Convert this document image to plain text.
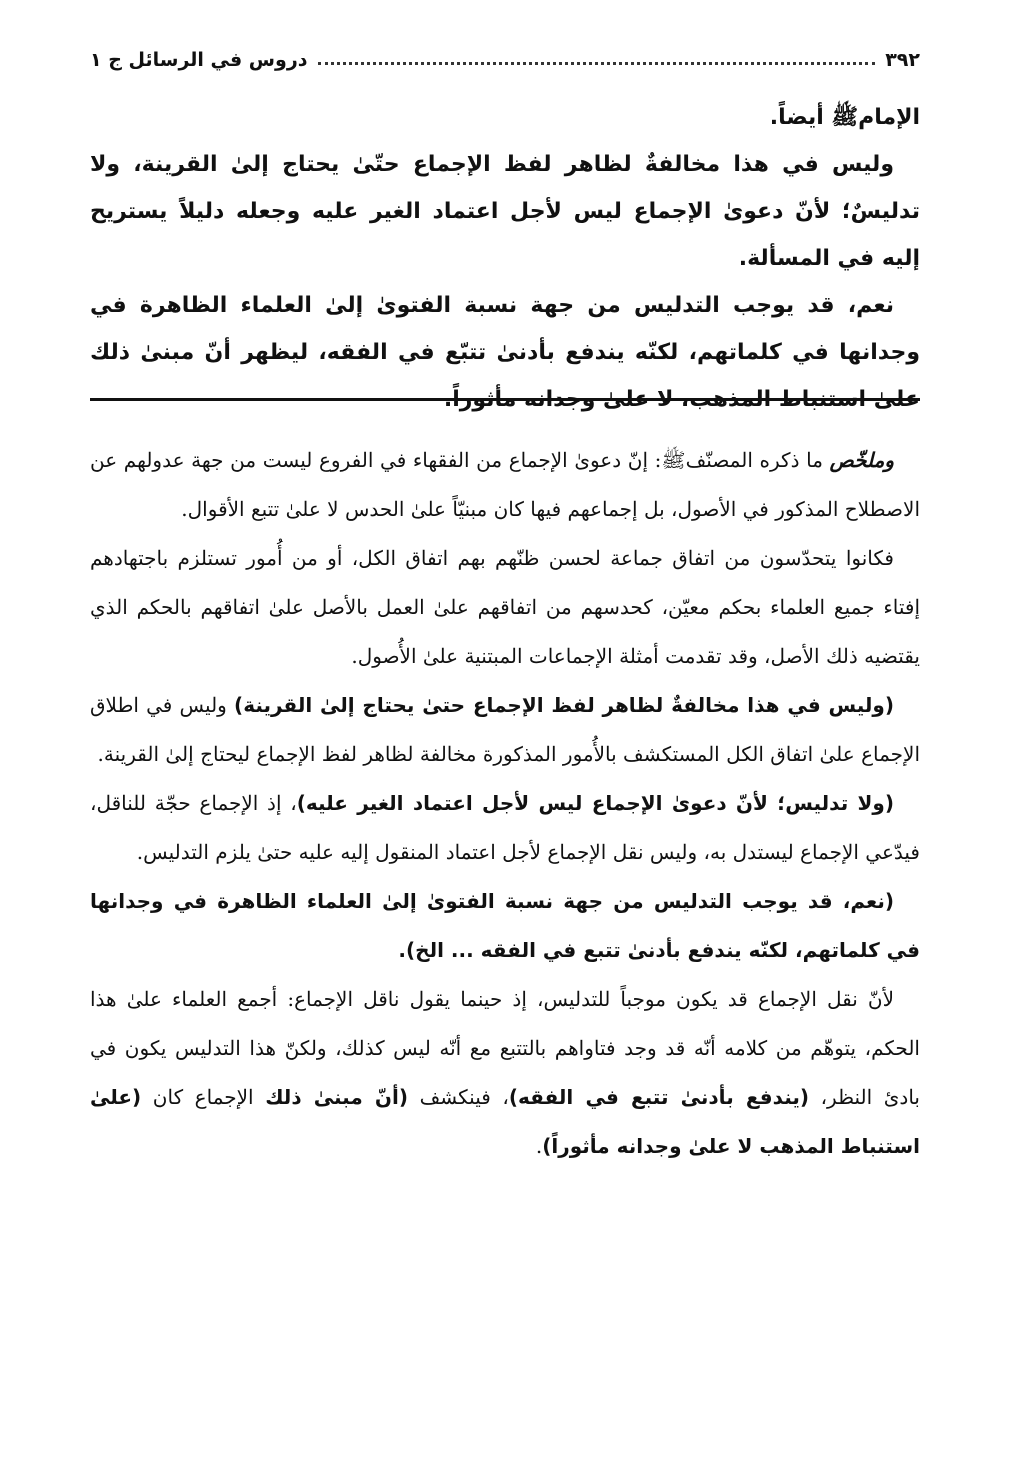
٣٩٢
دروس في الرسائل ج ١

الإمامﷺ أيضاً.

وليس في هذا مخالفةٌ لظاهر لفظ الإجماع حتّىٰ يحتاج إلىٰ القرينة، ولا تدليسٌ؛ لأنّ دعوىٰ الإجماع ليس لأجل اعتماد الغير عليه وجعله دليلاً يستريح إليه في المسألة.

نعم، قد يوجب التدليس من جهة نسبة الفتوىٰ إلىٰ العلماء الظاهرة في وجدانها في كلماتهم، لكنّه يندفع بأدنىٰ تتبّع في الفقه، ليظهر أنّ مبنىٰ ذلك علىٰ استنباط المذهب، لا علىٰ وجدانه مأثوراً.

وملخّص ما ذكره المصنّفﷺ: إنّ دعوىٰ الإجماع من الفقهاء في الفروع ليست من جهة عدولهم عن الاصطلاح المذكور في الأصول، بل إجماعهم فيها كان مبنيّاً علىٰ الحدس لا علىٰ تتبع الأقوال.

فكانوا يتحدّسون من اتفاق جماعة لحسن ظنّهم بهم اتفاق الكل، أو من أُمور تستلزم باجتهادهم إفتاء جميع العلماء بحكم معيّن، كحدسهم من اتفاقهم علىٰ العمل بالأصل علىٰ اتفاقهم بالحكم الذي يقتضيه ذلك الأصل، وقد تقدمت أمثلة الإجماعات المبتنية علىٰ الأُصول.

(وليس في هذا مخالفةٌ لظاهر لفظ الإجماع حتىٰ يحتاج إلىٰ القرينة) وليس في اطلاق الإجماع علىٰ اتفاق الكل المستكشف بالأُمور المذكورة مخالفة لظاهر لفظ الإجماع ليحتاج إلىٰ القرينة.

(ولا تدليس؛ لأنّ دعوىٰ الإجماع ليس لأجل اعتماد الغير عليه)، إذ الإجماع حجّة للناقل، فيدّعي الإجماع ليستدل به، وليس نقل الإجماع لأجل اعتماد المنقول إليه عليه حتىٰ يلزم التدليس.

(نعم، قد يوجب التدليس من جهة نسبة الفتوىٰ إلىٰ العلماء الظاهرة في وجدانها في كلماتهم، لكنّه يندفع بأدنىٰ تتبع في الفقه ... الخ).

لأنّ نقل الإجماع قد يكون موجباً للتدليس، إذ حينما يقول ناقل الإجماع: أجمع العلماء علىٰ هذا الحكم، يتوهّم من كلامه أنّه قد وجد فتاواهم بالتتبع مع أنّه ليس كذلك، ولكنّ هذا التدليس يكون في بادئ النظر، (يندفع بأدنىٰ تتبع في الفقه)، فينكشف (أنّ مبنىٰ ذلك الإجماع كان (علىٰ استنباط المذهب لا علىٰ وجدانه مأثوراً).
